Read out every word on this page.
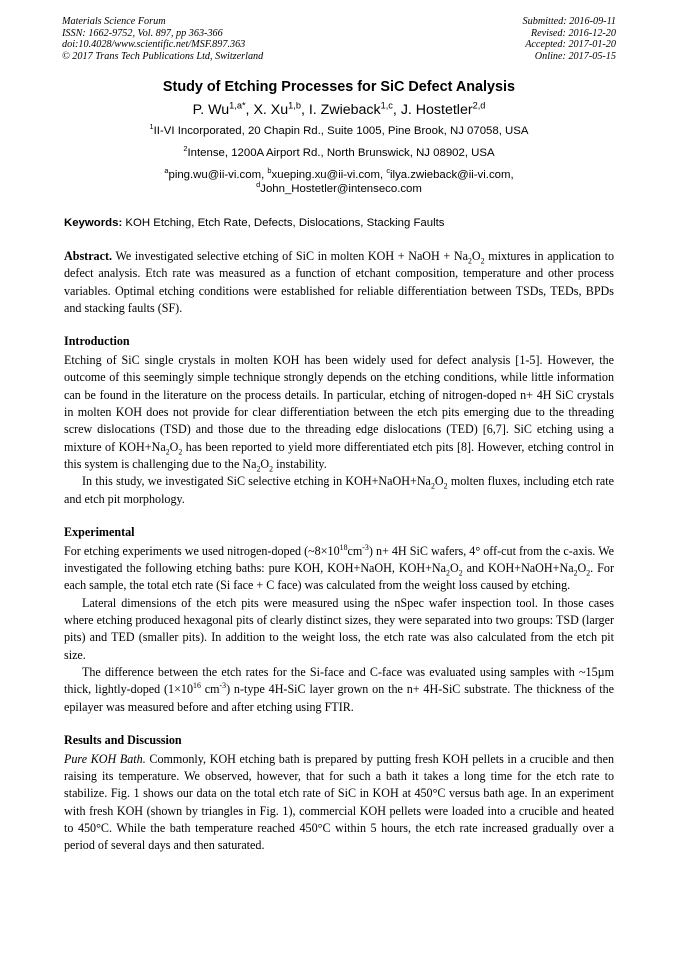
Materials Science Forum
ISSN: 1662-9752, Vol. 897, pp 363-366
doi:10.4028/www.scientific.net/MSF.897.363
© 2017 Trans Tech Publications Ltd, Switzerland
Submitted: 2016-09-11
Revised: 2016-12-20
Accepted: 2017-01-20
Online: 2017-05-15
Study of Etching Processes for SiC Defect Analysis
P. $Wu^{1,a*}$, X. Xu$^{1,b}$, I. Zwieback$^{1,c}$, J. Hostetler$^{2,d}$
$^1$II-VI Incorporated, 20 Chapin Rd., Suite 1005, Pine Brook, NJ 07058, USA
$^2$Intense, 1200A Airport Rd., North Brunswick, NJ 08902, USA
$^a$ping.wu@ii-vi.com, $^b$xueping.xu@ii-vi.com, $^c$ilya.zwieback@ii-vi.com,
$^d$John_Hostetler@intenseco.com
Keywords: KOH Etching, Etch Rate, Defects, Dislocations, Stacking Faults

Abstract. We investigated selective etching of SiC in molten KOH + NaOH + $Na_2O_2$ mixtures in application to defect analysis. Etch rate was measured as a function of etchant composition, temperature and other process variables. Optimal etching conditions were established for reliable differentiation between TSDs, TEDs, BPDs and stacking faults (SF).

Introduction

Etching of SiC single crystals in molten KOH has been widely used for defect analysis [1-5]. However, the outcome of this seemingly simple technique strongly depends on the etching conditions, while little information can be found in the literature on the process details. In particular, etching of nitrogen-doped n+ 4H SiC crystals in molten KOH does not provide for clear differentiation between the etch pits emerging due to the threading screw dislocations (TSD) and those due to the threading edge dislocations (TED) [6,7]. SiC etching using a mixture of $KOH+Na_2O_2$ has been reported to yield more differentiated etch pits [8]. However, etching control in this system is challenging due to the $Na_2O_2$ instability.

In this study, we investigated SiC selective etching in $KOH+NaOH+Na_2O_2$ molten fluxes, including etch rate and etch pit morphology.

Experimental

For etching experiments we used nitrogen-doped $(\sim 8\times 10^{18}cm^{-3})$ n+ 4H SiC wafers, 4° off-cut from the c-axis. We investigated the following etching baths: pure KOH, KOH+NaOH, $KOH+Na_2O_2$ and $KOH+NaOH+Na_2O_2$. For each sample, the total etch rate (Si face + C face) was calculated from the weight loss caused by etching.

Lateral dimensions of the etch pits were measured using the nSpec wafer inspection tool. In those cases where etching produced hexagonal pits of clearly distinct sizes, they were separated into two groups: TSD (larger pits) and TED (smaller pits). In addition to the weight loss, the etch rate was also calculated from the etch pit size.

The difference between the etch rates for the Si-face and C-face was evaluated using samples with ~15µm thick, lightly-doped ($1\times 10^{16}$ $cm^{-3}$) n-type 4H-SiC layer grown on the n+ 4H-SiC substrate. The thickness of the epilayer was measured before and after etching using FTIR.

Results and Discussion

Pure KOH Bath. Commonly, KOH etching bath is prepared by putting fresh KOH pellets in a crucible and then raising its temperature. We observed, however, that for such a bath it takes a long time for the etch rate to stabilize. Fig. 1 shows our data on the total etch rate of SiC in KOH at 450°C versus bath age. In an experiment with fresh KOH (shown by triangles in Fig. 1), commercial KOH pellets were loaded into a crucible and heated to 450°C. While the bath temperature reached 450°C within 5 hours, the etch rate increased gradually over a period of several days and then saturated.
